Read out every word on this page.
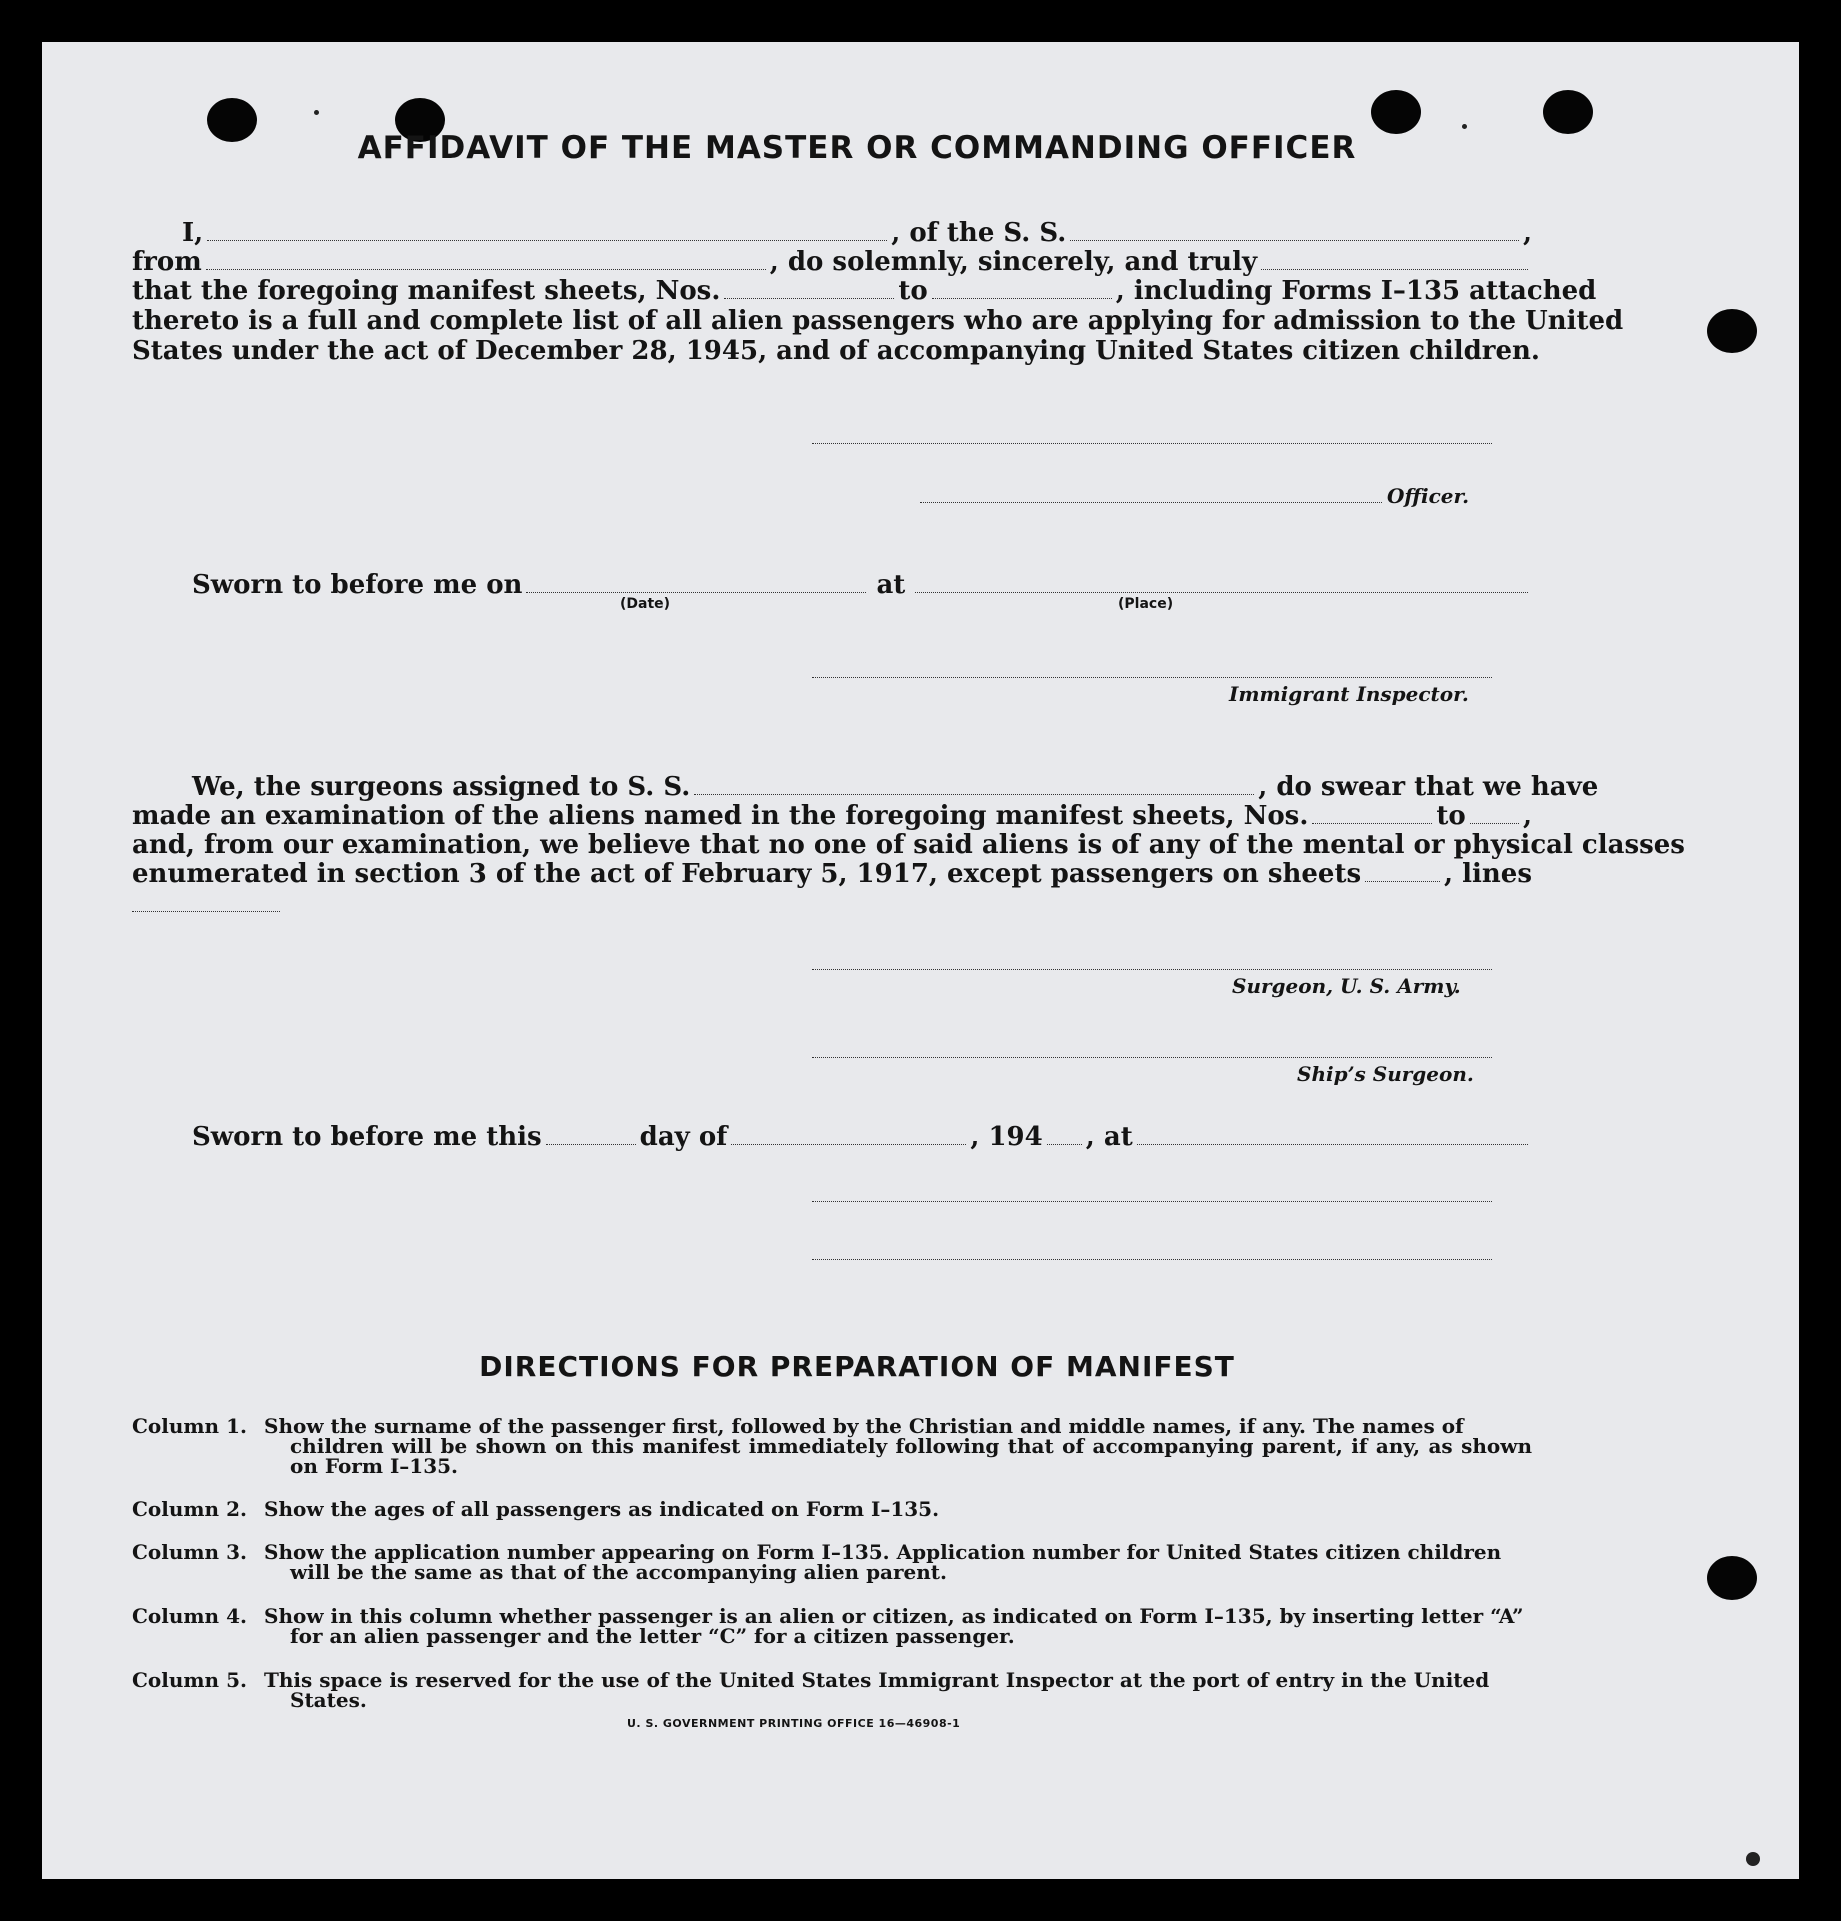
AFFIDAVIT OF THE MASTER OR COMMANDING OFFICER
I,	, of the S. S.	,
from	, do solemnly, sincerely, and truly
that the foregoing manifest sheets, Nos.	to	, including Forms I–135 attached
thereto is a full and complete list of all alien passengers who are applying for admission to the United
States under the act of December 28, 1945, and of accompanying United States citizen children.
Officer.
Sworn to before me on	at
(Date)	(Place)
Immigrant Inspector.
We, the surgeons assigned to S. S.	, do swear that we have
made an examination of the aliens named in the foregoing manifest sheets, Nos.	to ,
and, from our examination, we believe that no one of said aliens is of any of the mental or physical classes
enumerated in section 3 of the act of February 5, 1917, except passengers on sheets	, lines
Surgeon, U. S. Army.
Ship’s Surgeon.
Sworn to before me this	day of	, 194 , at
DIRECTIONS FOR PREPARATION OF MANIFEST
Column 1. Show the surname of the passenger first, followed by the Christian and middle names, if any. The names of
children will be shown on this manifest immediately following that of accompanying parent, if any, as shown on Form I–135.
Column 2. Show the ages of all passengers as indicated on Form I–135.
Column 3. Show the application number appearing on Form I–135. Application number for United States citizen children
will be the same as that of the accompanying alien parent.
Column 4. Show in this column whether passenger is an alien or citizen, as indicated on Form I–135, by inserting letter “A”
for an alien passenger and the letter “C” for a citizen passenger.
Column 5. This space is reserved for the use of the United States Immigrant Inspector at the port of entry in the United
States.
U. S. GOVERNMENT PRINTING OFFICE 16—46908-1
